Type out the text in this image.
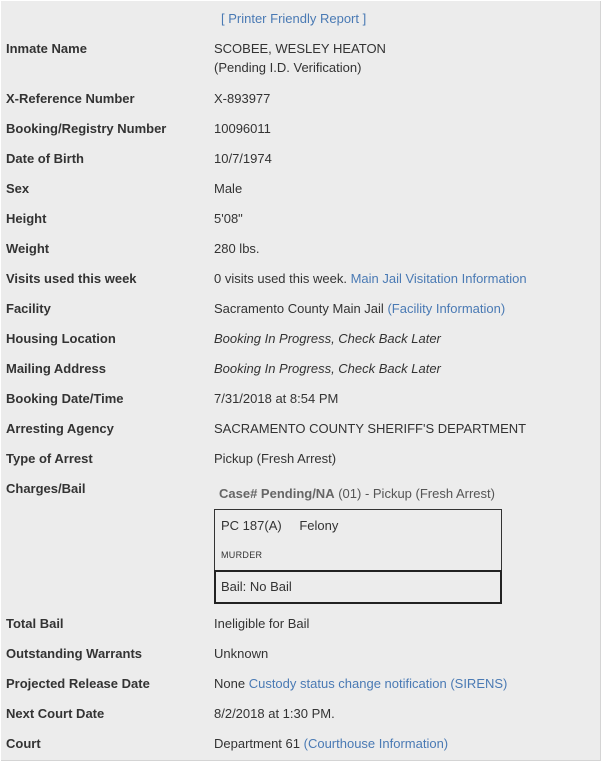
[ Printer Friendly Report ]
Inmate Name	SCOBEE, WESLEY HEATON
(Pending I.D. Verification)
X-Reference Number	X-893977
Booking/Registry Number	10096011
Date of Birth	10/7/1974
Sex	Male
Height	5'08"
Weight	280 lbs.
Visits used this week	0 visits used this week. Main Jail Visitation Information
Facility	Sacramento County Main Jail (Facility Information)
Housing Location	Booking In Progress, Check Back Later
Mailing Address	Booking In Progress, Check Back Later
Booking Date/Time	7/31/2018 at 8:54 PM
Arresting Agency	SACRAMENTO COUNTY SHERIFF'S DEPARTMENT
Type of Arrest	Pickup (Fresh Arrest)
Charges/Bail	Case# Pending/NA (01) - Pickup (Fresh Arrest)
PC 187(A) Felony
MURDER
Bail: No Bail
Total Bail	Ineligible for Bail
Outstanding Warrants	Unknown
Projected Release Date	None Custody status change notification (SIRENS)
Next Court Date	8/2/2018 at 1:30 PM.
Court	Department 61 (Courthouse Information)
